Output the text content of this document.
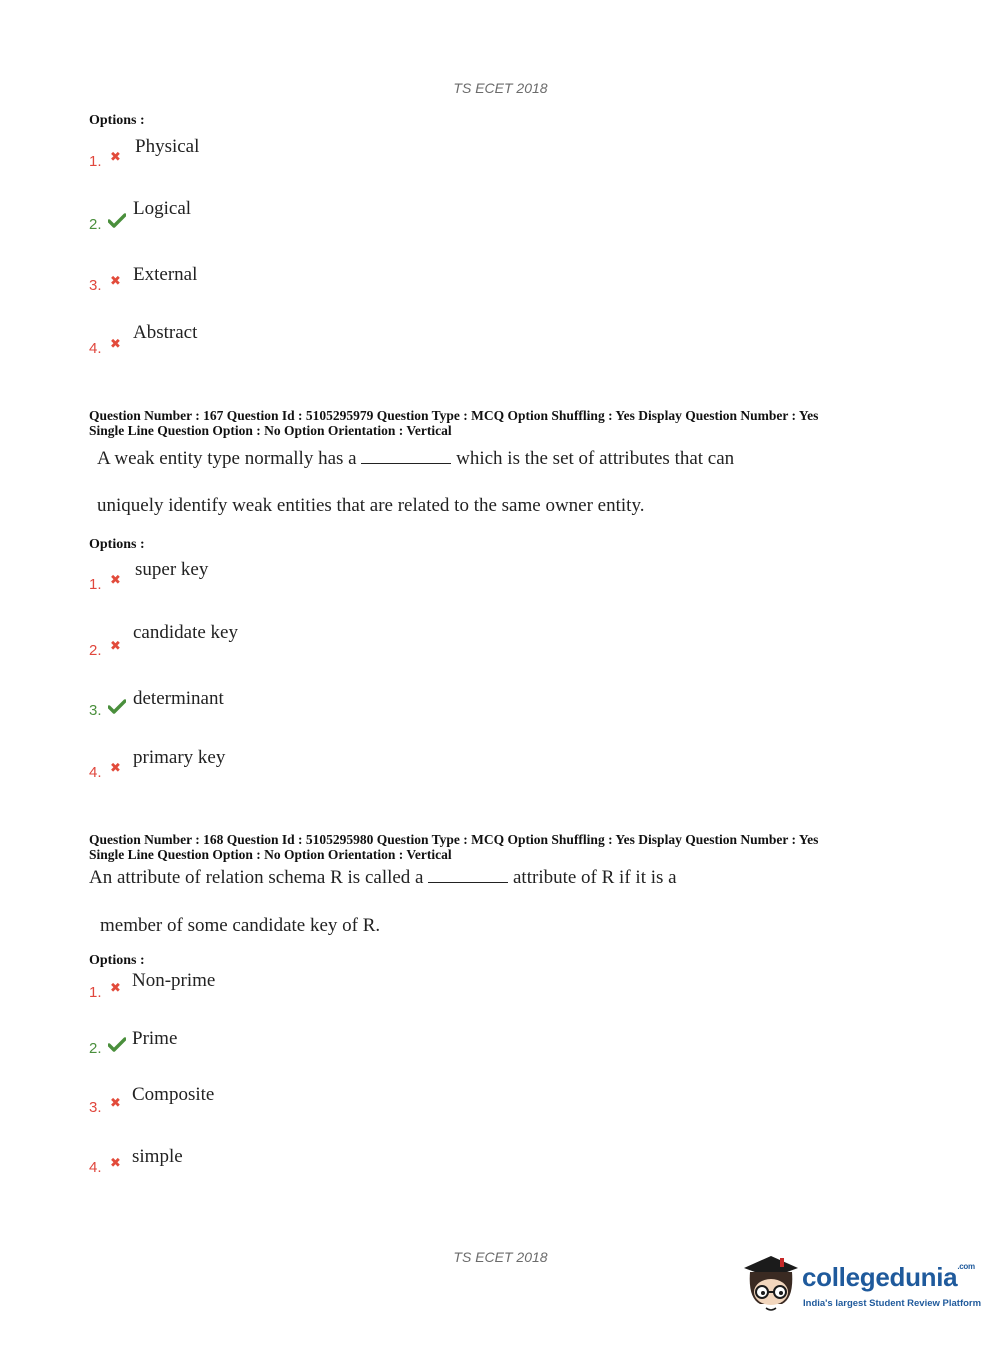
TS ECET 2018
Options :
1. ✖
Physical
2.
Logical
3. ✖ External
4. ✖
Abstract
Question Number : 167 Question Id : 5105295979 Question Type : MCQ Option Shuffling : Yes Display Question Number : Yes
Single Line Question Option : No Option Orientation : Vertical
A weak entity type normally has a	which is the set of attributes that can
uniquely identify weak entities that are related to the same owner entity.
Options :
1. ✖
super key
2. ✖
candidate key
3.
determinant
4. ✖
primary key
Question Number : 168 Question Id : 5105295980 Question Type : MCQ Option Shuffling : Yes Display Question Number : Yes
Single Line Question Option : No Option Orientation : Vertical
An attribute of relation schema R is called a	attribute of R if it is a
member of some candidate key of R.
Options :
1. ✖ Non-prime
2. Prime
3. ✖ Composite
4. ✖ simple
TS ECET 2018
collegedunia$^{.com}$
India's largest Student Review Platform
